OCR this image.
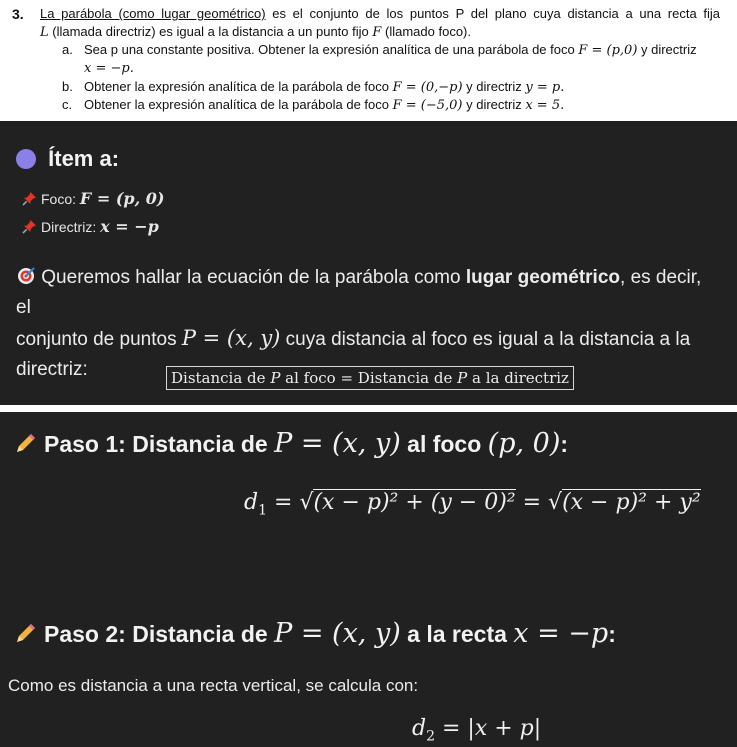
3. La parábola (como lugar geométrico) es el conjunto de los puntos P del plano cuya distancia a una recta fija
L (llamada directriz) es igual a la distancia a un punto fijo F (llamado foco).
a. Sea p una constante positiva. Obtener la expresión analítica de una parábola de foco F = (p,0) y directriz
x = −p.
b. Obtener la expresión analítica de la parábola de foco F = (0,−p) y directriz y = p.
c. Obtener la expresión analítica de la parábola de foco F = (−5,0) y directriz x = 5.
Ítem a:
Foco: F = (p, 0)
Directriz: x = −p
Queremos hallar la ecuación de la parábola como lugar geométrico, es decir, el
conjunto de puntos P = (x, y) cuya distancia al foco es igual a la distancia a la
directriz:	Distancia de P al foco = Distancia de P a la directriz
Paso 1: Distancia de P = (x, y) al foco (p, 0):
$d_1 = √(x - p)^2 + (y - 0)^2 = √(x - p)^2 + y^2$
Paso 2: Distancia de P = (x, y) a la recta x = −p:
Como es distancia a una recta vertical, se calcula con:
$d_2 = |x + p|$
